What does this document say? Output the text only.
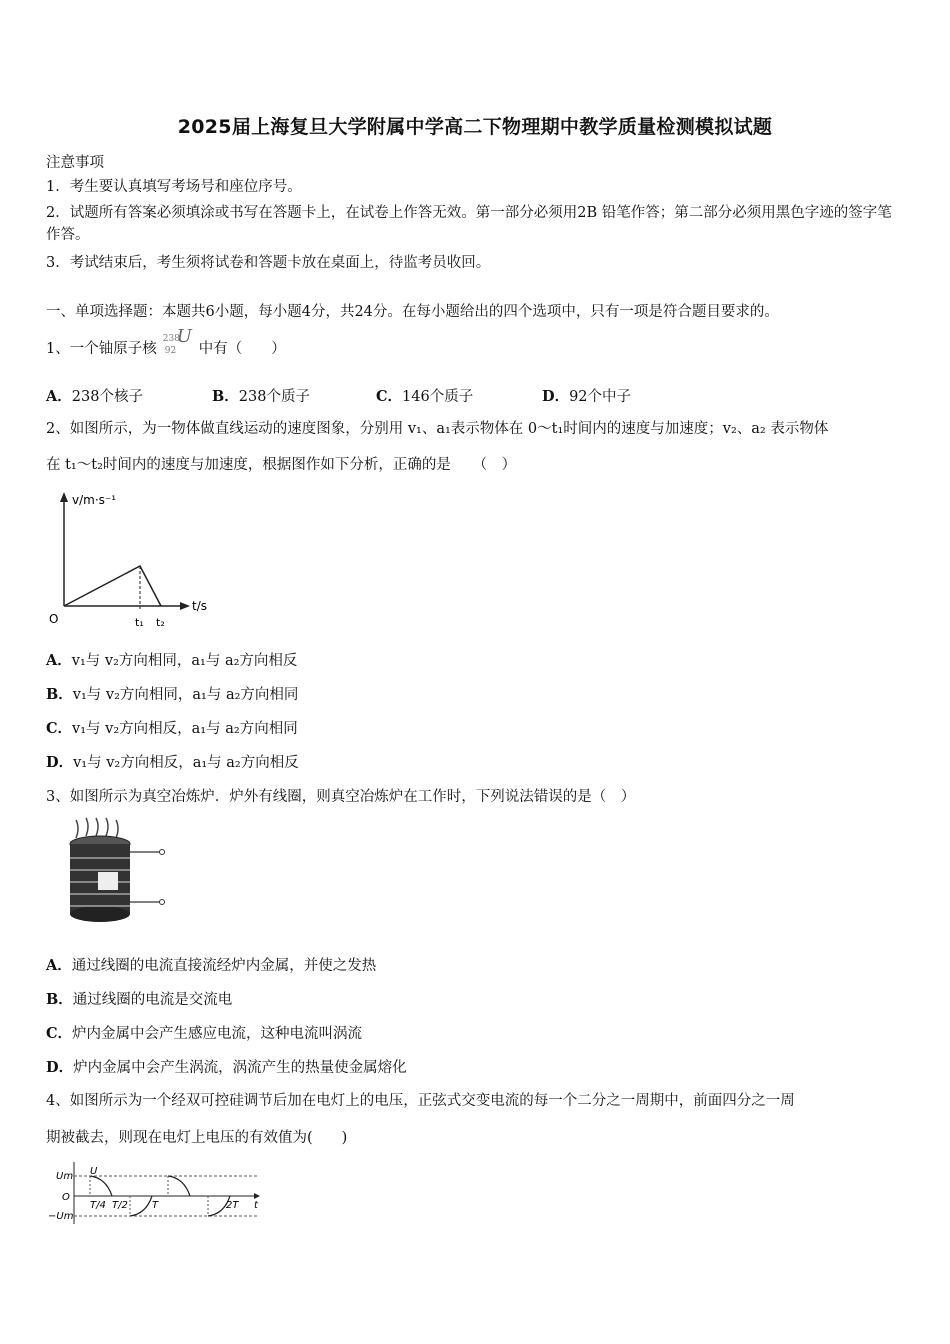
2025届上海复旦大学附属中学高二下物理期中教学质量检测模拟试题
注意事项
1．考生要认真填写考场号和座位序号。
2．试题所有答案必须填涂或书写在答题卡上，在试卷上作答无效。第一部分必须用2B 铅笔作答；第二部分必须用黑色字迹的签字笔作答。
3．考试结束后，考生须将试卷和答题卡放在桌面上，待监考员收回。
一、单项选择题：本题共6小题，每小题4分，共24分。在每小题给出的四个选项中，只有一项是符合题目要求的。
1、一个铀原子核
238
92
U
中有（　　）
A．238个核子	B．238个质子	C．146个质子	D．92个中子
2、如图所示，为一物体做直线运动的速度图象，分别用 v₁、a₁表示物体在 0～t₁时间内的速度与加速度；v₂、a₂ 表示物体
在 t₁～t₂时间内的速度与加速度，根据图作如下分析，正确的是　　（　）
v/m·s⁻¹
t/s
O	t₁ t₂
A．v₁与 v₂方向相同，a₁与 a₂方向相反
B．v₁与 v₂方向相同，a₁与 a₂方向相同
C．v₁与 v₂方向相反，a₁与 a₂方向相同
D．v₁与 v₂方向相反，a₁与 a₂方向相反
3、如图所示为真空冶炼炉．炉外有线圈，则真空冶炼炉在工作时，下列说法错误的是（　）
A．通过线圈的电流直接流经炉内金属，并使之发热
B．通过线圈的电流是交流电
C．炉内金属中会产生感应电流，这种电流叫涡流
D．炉内金属中会产生涡流，涡流产生的热量使金属熔化
4、如图所示为一个经双可控硅调节后加在电灯上的电压，正弦式交变电流的每一个二分之一周期中，前面四分之一周
期被截去，则现在电灯上电压的有效值为(　　)
Um
O
−Um
U
T/4 T/2 T	2T t
